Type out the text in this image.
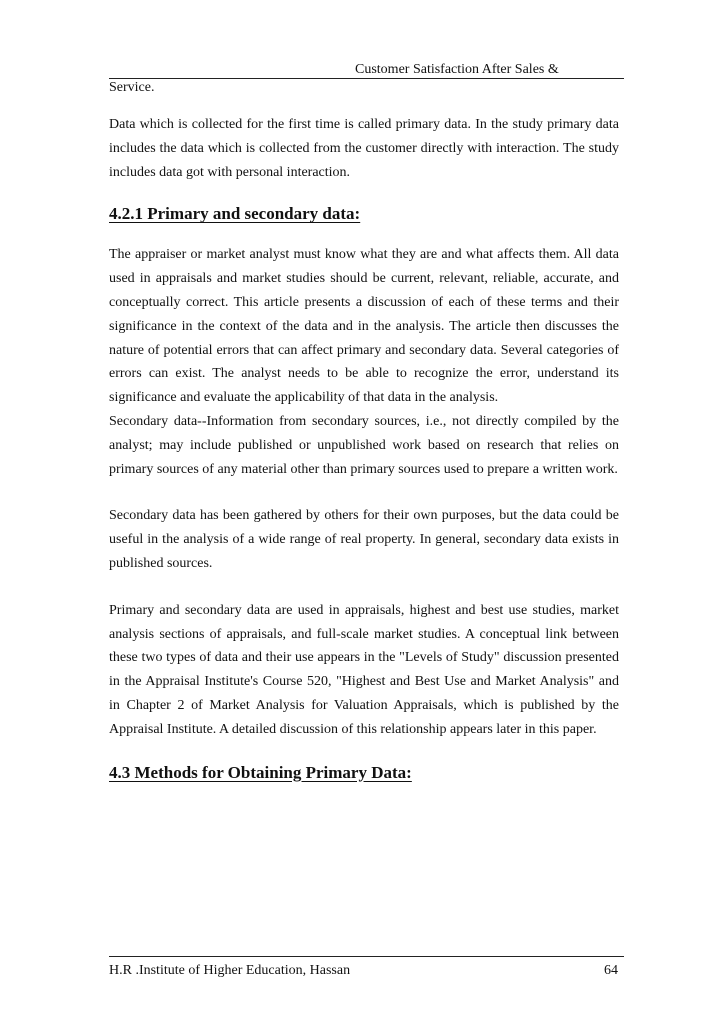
Customer Satisfaction After Sales &
Service.

Data which is collected for the first time is called primary data. In the study primary data includes the data which is collected from the customer directly with interaction. The study includes data got with personal interaction.

4.2.1 Primary and secondary data:

The appraiser or market analyst must know what they are and what affects them. All data used in appraisals and market studies should be current, relevant, reliable, accurate, and conceptually correct. This article presents a discussion of each of these terms and their significance in the context of the data and in the analysis. The article then discusses the nature of potential errors that can affect primary and secondary data. Several categories of errors can exist. The analyst needs to be able to recognize the error, understand its significance and evaluate the applicability of that data in the analysis.

Secondary data--Information from secondary sources, i.e., not directly compiled by the analyst; may include published or unpublished work based on research that relies on primary sources of any material other than primary sources used to prepare a written work.

Secondary data has been gathered by others for their own purposes, but the data could be useful in the analysis of a wide range of real property. In general, secondary data exists in published sources.

Primary and secondary data are used in appraisals, highest and best use studies, market analysis sections of appraisals, and full-scale market studies. A conceptual link between these two types of data and their use appears in the "Levels of Study" discussion presented in the Appraisal Institute's Course 520, "Highest and Best Use and Market Analysis" and in Chapter 2 of Market Analysis for Valuation Appraisals, which is published by the Appraisal Institute. A detailed discussion of this relationship appears later in this paper.

4.3 Methods for Obtaining Primary Data:
H.R .Institute of Higher Education, Hassan	64
